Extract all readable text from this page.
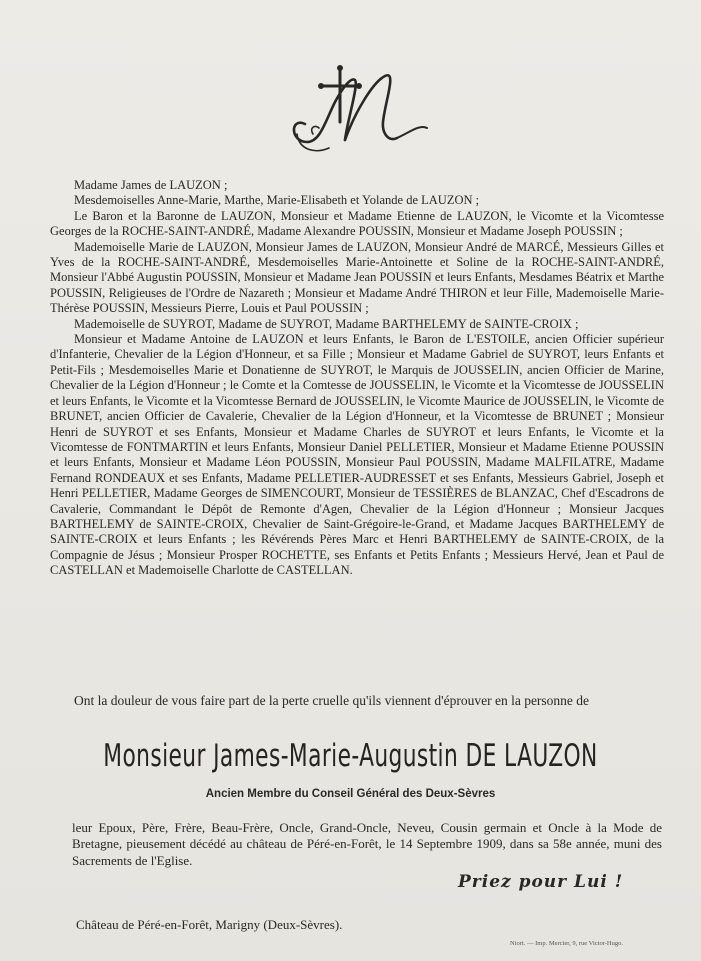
Madame James de LAUZON ;

Mesdemoiselles Anne-Marie, Marthe, Marie-Elisabeth et Yolande de LAUZON ;

Le Baron et la Baronne de LAUZON, Monsieur et Madame Etienne de LAUZON, le Vicomte et la Vicomtesse Georges de la ROCHE-SAINT-ANDRÉ, Madame Alexandre POUSSIN, Monsieur et Madame Joseph POUSSIN ;

Mademoiselle Marie de LAUZON, Monsieur James de LAUZON, Monsieur André de MARCÉ, Messieurs Gilles et Yves de la ROCHE-SAINT-ANDRÉ, Mesdemoiselles Marie-Antoinette et Soline de la ROCHE-SAINT-ANDRÉ, Monsieur l'Abbé Augustin POUSSIN, Monsieur et Madame Jean POUSSIN et leurs Enfants, Mesdames Béatrix et Marthe POUSSIN, Religieuses de l'Ordre de Nazareth ; Monsieur et Madame André THIRON et leur Fille, Mademoiselle Marie-Thérèse POUSSIN, Messieurs Pierre, Louis et Paul POUSSIN ;

Mademoiselle de SUYROT, Madame de SUYROT, Madame BARTHELEMY de SAINTE-CROIX ;

Monsieur et Madame Antoine de LAUZON et leurs Enfants, le Baron de L'ESTOILE, ancien Officier supérieur d'Infanterie, Chevalier de la Légion d'Honneur, et sa Fille ; Monsieur et Madame Gabriel de SUYROT, leurs Enfants et Petit-Fils ; Mesdemoiselles Marie et Donatienne de SUYROT, le Marquis de JOUSSELIN, ancien Officier de Marine, Chevalier de la Légion d'Honneur ; le Comte et la Comtesse de JOUSSELIN, le Vicomte et la Vicomtesse de JOUSSELIN et leurs Enfants, le Vicomte et la Vicomtesse Bernard de JOUSSELIN, le Vicomte Maurice de JOUSSELIN, le Vicomte de BRUNET, ancien Officier de Cavalerie, Chevalier de la Légion d'Honneur, et la Vicomtesse de BRUNET ; Monsieur Henri de SUYROT et ses Enfants, Monsieur et Madame Charles de SUYROT et leurs Enfants, le Vicomte et la Vicomtesse de FONTMARTIN et leurs Enfants, Monsieur Daniel PELLETIER, Monsieur et Madame Etienne POUSSIN et leurs Enfants, Monsieur et Madame Léon POUSSIN, Monsieur Paul POUSSIN, Madame MALFILATRE, Madame Fernand RONDEAUX et ses Enfants, Madame PELLETIER-AUDRESSET et ses Enfants, Messieurs Gabriel, Joseph et Henri PELLETIER, Madame Georges de SIMENCOURT, Monsieur de TESSIÈRES de BLANZAC, Chef d'Escadrons de Cavalerie, Commandant le Dépôt de Remonte d'Agen, Chevalier de la Légion d'Honneur ; Monsieur Jacques BARTHELEMY de SAINTE-CROIX, Chevalier de Saint-Grégoire-le-Grand, et Madame Jacques BARTHELEMY de SAINTE-CROIX et leurs Enfants ; les Révérends Pères Marc et Henri BARTHELEMY de SAINTE-CROIX, de la Compagnie de Jésus ; Monsieur Prosper ROCHETTE, ses Enfants et Petits Enfants ; Messieurs Hervé, Jean et Paul de CASTELLAN et Mademoiselle Charlotte de CASTELLAN.

Ont la douleur de vous faire part de la perte cruelle qu'ils viennent d'éprouver en la personne de

Monsieur James-Marie-Augustin DE LAUZON
Ancien Membre du Conseil Général des Deux-Sèvres
leur Epoux, Père, Frère, Beau-Frère, Oncle, Grand-Oncle, Neveu, Cousin germain et Oncle à la Mode de Bretagne, pieusement décédé au château de Péré-en-Forêt, le 14 Septembre 1909, dans sa 58e année, muni des Sacrements de l'Eglise.
Priez pour Lui !
Château de Péré-en-Forêt, Marigny (Deux-Sèvres).
Niort. — Imp. Mercier, 9, rue Victor-Hugo.
